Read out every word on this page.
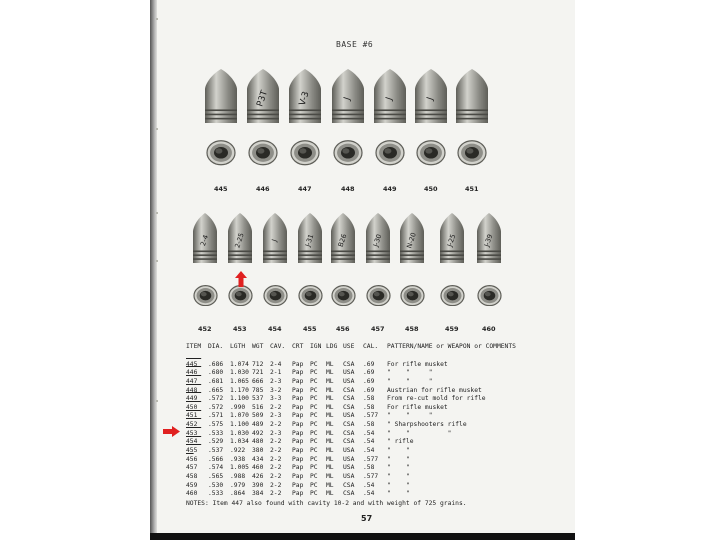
BASE #6
445
P3T
446
V-3
447
J
448
J
449
J
450	451
2-4
452
2-25
453
J
454
J-31
455
B26
456
J-30
457
N-20
458
J-25
459
J-39
460

ITEM

DIA.

LGTH

WGT

CAV.

CRT

IGN

LDG

USE

CAL.

PATTERN/NAME or WEAPON or COMMENTS

445 .686 1.074 712 2-4 Pap PC ML CSA .69 For rifle musket
446 .680 1.030 721 2-1 Pap PC ML USA .69 "    "     "
447 .681 1.065 666 2-3 Pap PC ML USA .69 "    "     "
448 .665 1.170 785 3-2 Pap PC ML CSA .69 Austrian for rifle musket
449 .572 1.100 537 3-3 Pap PC ML CSA .58 From re-cut mold for rifle
450 .572 .990 516 2-2 Pap PC ML CSA .58 For rifle musket
451 .571 1.070 509 2-3 Pap PC ML USA .577 "    "     "
452 .575 1.100 489 2-2 Pap PC ML CSA .58 " Sharpshooters rifle
453 .533 1.030 492 2-3 Pap PC ML CSA .54 "    "          "
454 .529 1.034 480 2-2 Pap PC ML CSA .54 " rifle
455 .537 .922 380 2-2 Pap PC ML USA .54 "    "
456 .566 .938 434 2-2 Pap PC ML USA .577 "    "
457 .574 1.005 460 2-2 Pap PC ML USA .58 "    "
458 .565 .988 426 2-2 Pap PC ML USA .577 "    "
459 .530 .979 390 2-2 Pap PC ML CSA .54 "    "
460 .533 .864 384 2-2 Pap PC ML CSA .54 "    "
NOTES: Item 447 also found with cavity 10-2 and with weight of 725 grains.
57
